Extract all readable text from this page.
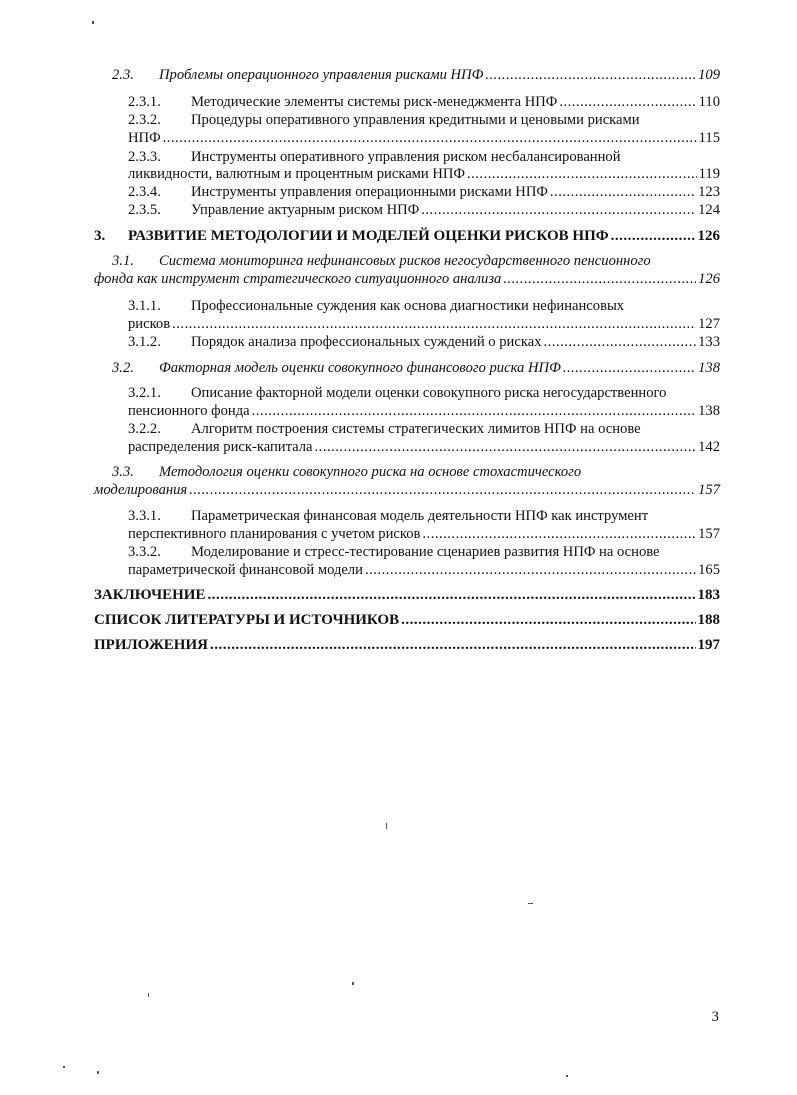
2.3.	Проблемы операционного управления рисками НПФ .....	109
2.3.1.	Методические элементы системы риск-менеджмента НПФ .....	110
2.3.2.	Процедуры оперативного управления кредитными и ценовыми рисками
НПФ .....	115
2.3.3.	Инструменты оперативного управления риском несбалансированной
ликвидности, валютным и процентным рисками НПФ .....	119
2.3.4.	Инструменты управления операционными рисками НПФ .....	123
2.3.5.	Управление актуарным риском НПФ .....	124
3.	РАЗВИТИЕ МЕТОДОЛОГИИ И МОДЕЛЕЙ ОЦЕНКИ РИСКОВ НПФ .....	126
3.1.	Система мониторинга нефинансовых рисков негосударственного пенсионного
фонда как инструмент стратегического ситуационного анализа .....	126
3.1.1.	Профессиональные суждения как основа диагностики нефинансовых
рисков .....	127
3.1.2.	Порядок анализа профессиональных суждений о рисках .....	133
3.2.	Факторная модель оценки совокупного финансового риска НПФ .....	138
3.2.1.	Описание факторной модели оценки совокупного риска негосударственного
пенсионного фонда .....	138
3.2.2.	Алгоритм построения системы стратегических лимитов НПФ на основе
распределения риск-капитала .....	142
3.3.	Методология оценки совокупного риска на основе стохастического
моделирования .....	157
3.3.1.	Параметрическая финансовая модель деятельности НПФ как инструмент
перспективного планирования с учетом рисков .....	157
3.3.2.	Моделирование и стресс-тестирование сценариев развития НПФ на основе
параметрической финансовой модели .....	165
ЗАКЛЮЧЕНИЕ .....	183
СПИСОК ЛИТЕРАТУРЫ И ИСТОЧНИКОВ .....	188
ПРИЛОЖЕНИЯ .....	197
3
